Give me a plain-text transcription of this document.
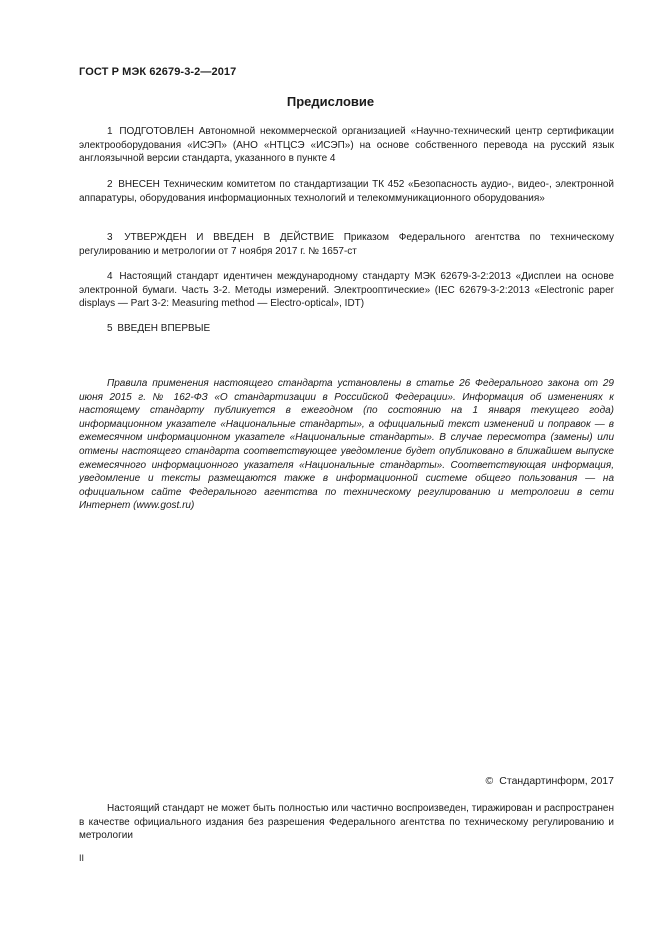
ГОСТ Р МЭК 62679-3-2—2017
Предисловие
1 ПОДГОТОВЛЕН Автономной некоммерческой организацией «Научно-технический центр сертификации электрооборудования «ИСЭП» (АНО «НТЦСЭ «ИСЭП») на основе собственного перевода на русский язык англоязычной версии стандарта, указанного в пункте 4
2 ВНЕСЕН Техническим комитетом по стандартизации ТК 452 «Безопасность аудио-, видео-, электронной аппаратуры, оборудования информационных технологий и телекоммуникационного оборудования»
3 УТВЕРЖДЕН И ВВЕДЕН В ДЕЙСТВИЕ Приказом Федерального агентства по техническому регулированию и метрологии от 7 ноября 2017 г. № 1657-ст
4 Настоящий стандарт идентичен международному стандарту МЭК 62679-3-2:2013 «Дисплеи на основе электронной бумаги. Часть 3-2. Методы измерений. Электрооптические» (IEC 62679-3-2:2013 «Electronic paper displays — Part 3-2: Measuring method — Electro-optical», IDT)
5 ВВЕДЕН ВПЕРВЫЕ
Правила применения настоящего стандарта установлены в статье 26 Федерального закона от 29 июня 2015 г. № 162-ФЗ «О стандартизации в Российской Федерации». Информация об изменениях к настоящему стандарту публикуется в ежегодном (по состоянию на 1 января текущего года) информационном указателе «Национальные стандарты», а официальный текст изменений и поправок — в ежемесячном информационном указателе «Национальные стандарты». В случае пересмотра (замены) или отмены настоящего стандарта соответствующее уведомление будет опубликовано в ближайшем выпуске ежемесячного информационного указателя «Национальные стандарты». Соответствующая информация, уведомление и тексты размещаются также в информационной системе общего пользования — на официальном сайте Федерального агентства по техническому регулированию и метрологии в сети Интернет (www.gost.ru)
© Стандартинформ, 2017
Настоящий стандарт не может быть полностью или частично воспроизведен, тиражирован и распространен в качестве официального издания без разрешения Федерального агентства по техническому регулированию и метрологии
II
